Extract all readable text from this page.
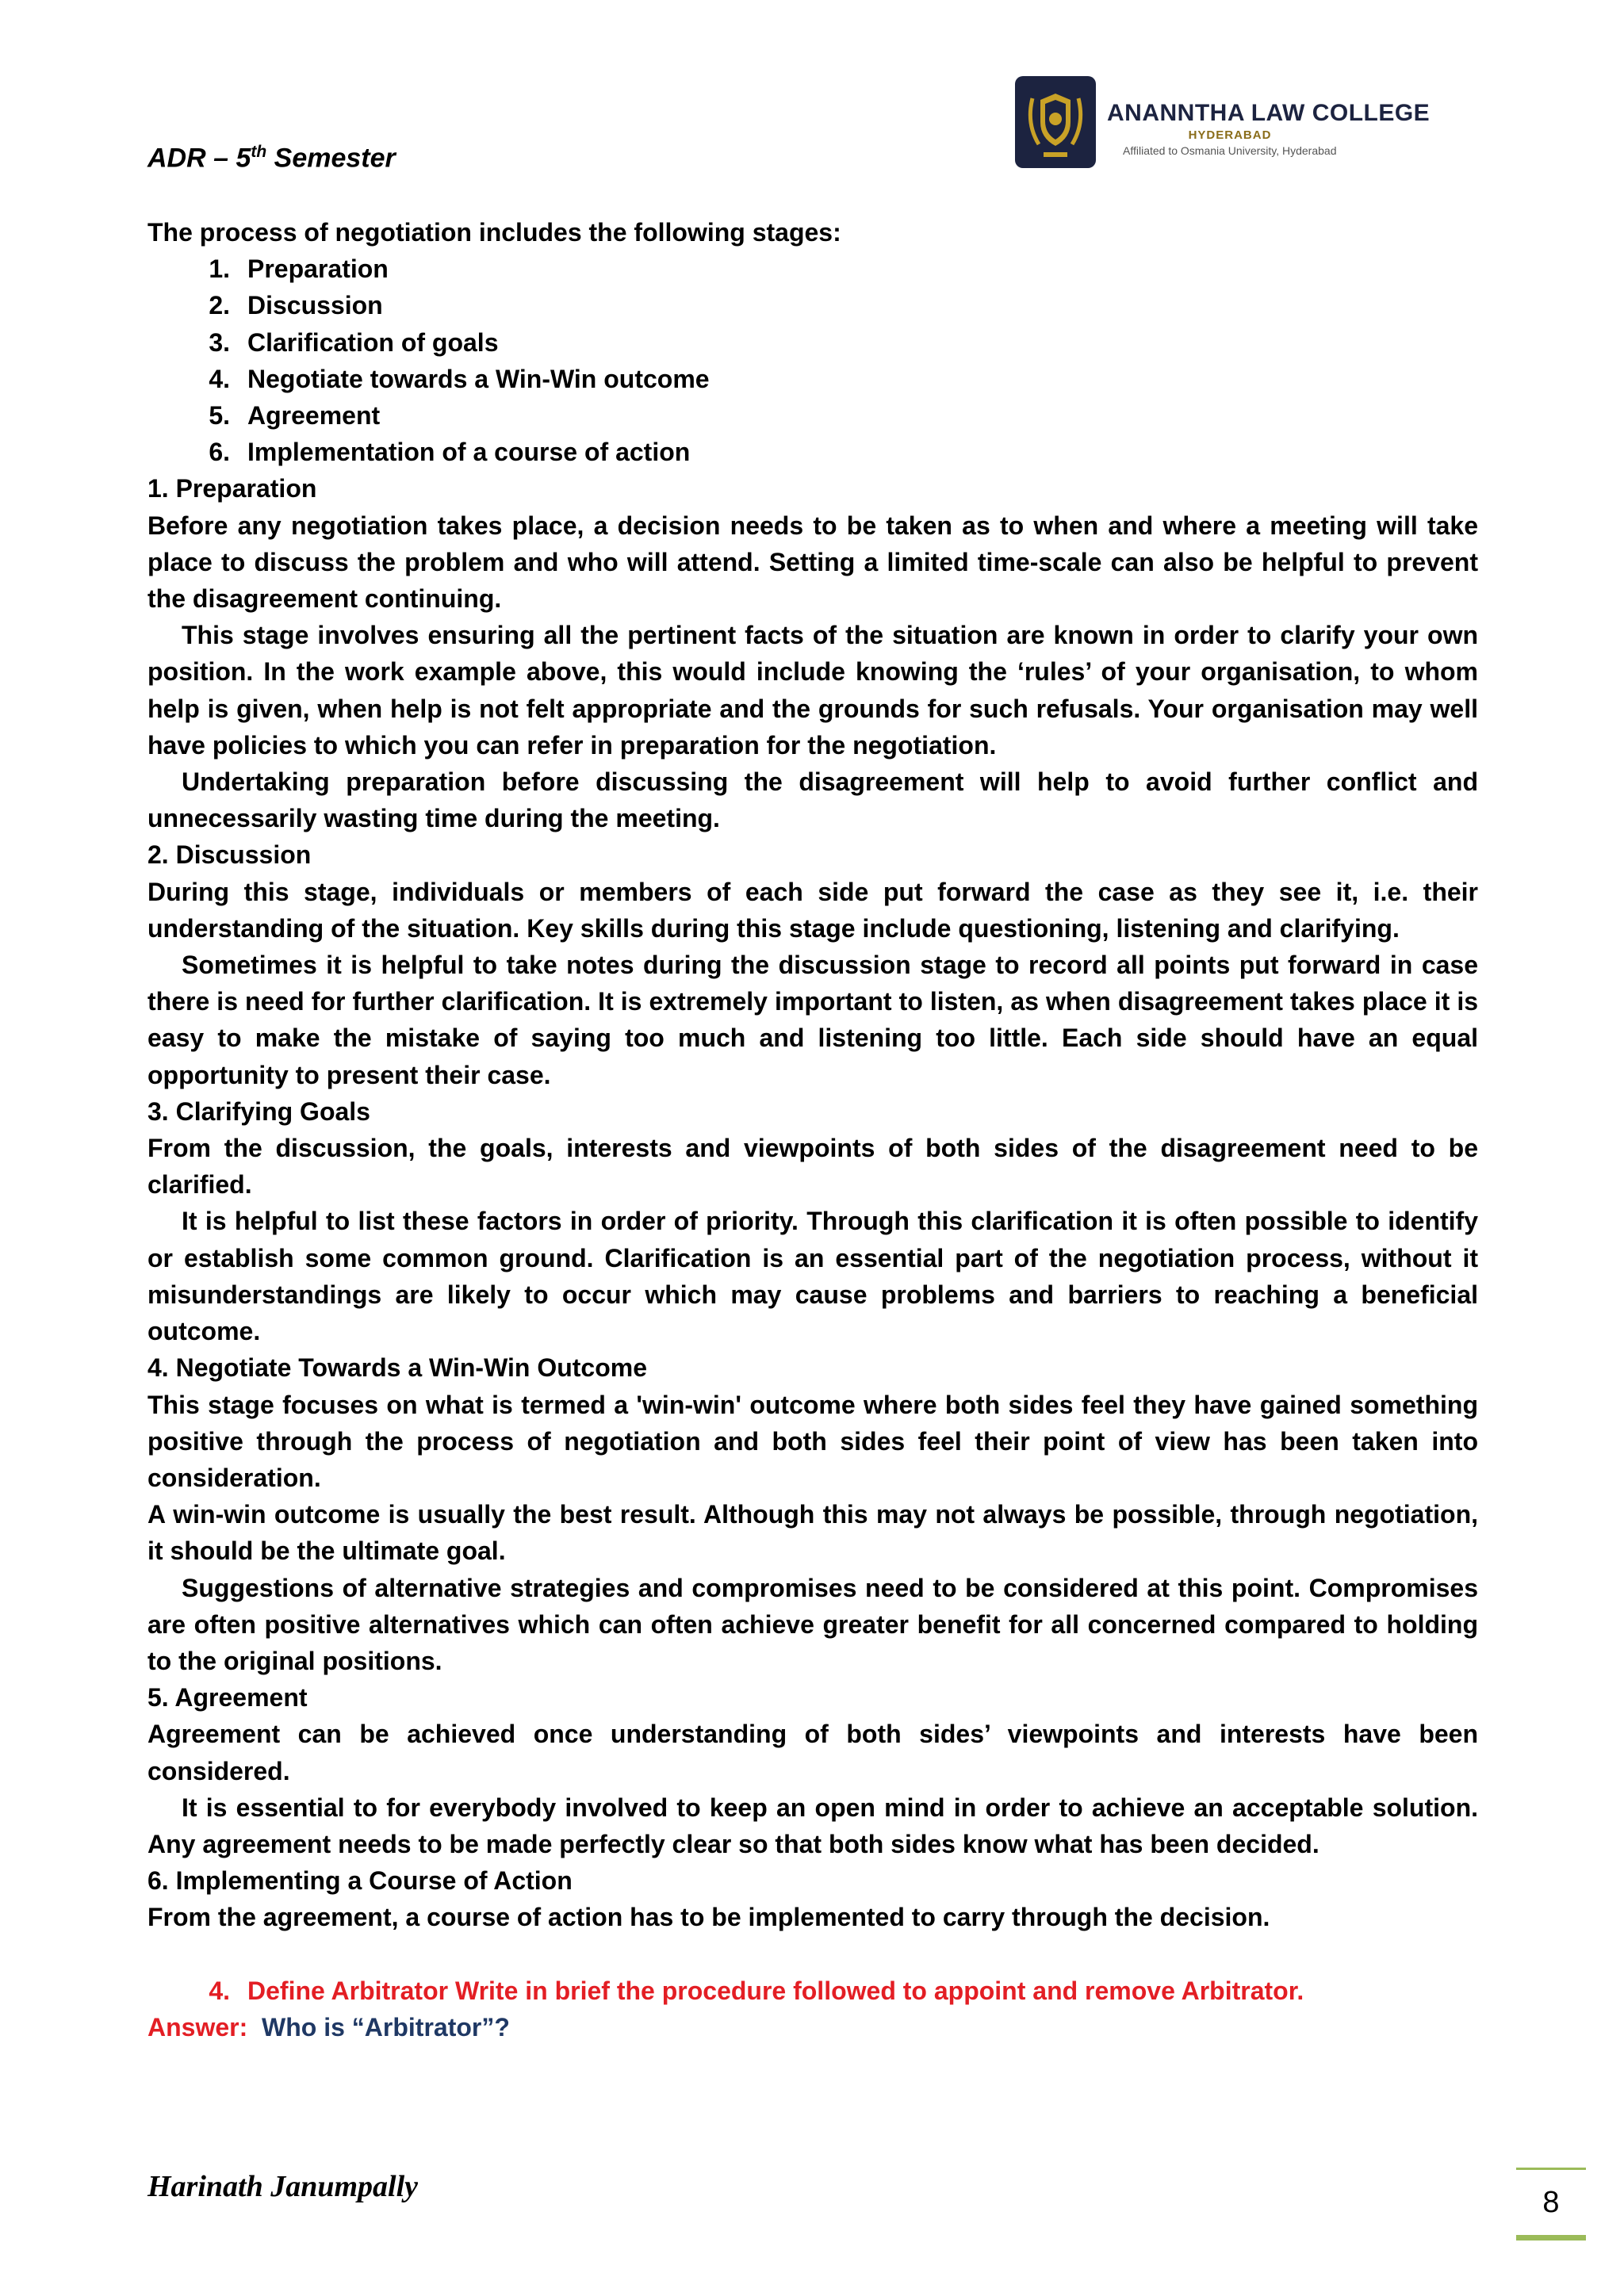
ADR – 5th Semester
ANANNTHA LAW COLLEGE
HYDERABAD
Affiliated to Osmania University, Hyderabad

The process of negotiation includes the following stages:

1. Preparation
2. Discussion
3. Clarification of goals
4. Negotiate towards a Win-Win outcome
5. Agreement
6. Implementation of a course of action

1. Preparation

Before any negotiation takes place, a decision needs to be taken as to when and where a meeting will take place to discuss the problem and who will attend. Setting a limited time-scale can also be helpful to prevent the disagreement continuing.

This stage involves ensuring all the pertinent facts of the situation are known in order to clarify your own position. In the work example above, this would include knowing the ‘rules’ of your organisation, to whom help is given, when help is not felt appropriate and the grounds for such refusals. Your organisation may well have policies to which you can refer in preparation for the negotiation.

Undertaking preparation before discussing the disagreement will help to avoid further conflict and unnecessarily wasting time during the meeting.

2. Discussion

During this stage, individuals or members of each side put forward the case as they see it, i.e. their understanding of the situation. Key skills during this stage include questioning, listening and clarifying.

Sometimes it is helpful to take notes during the discussion stage to record all points put forward in case there is need for further clarification. It is extremely important to listen, as when disagreement takes place it is easy to make the mistake of saying too much and listening too little. Each side should have an equal opportunity to present their case.

3. Clarifying Goals

From the discussion, the goals, interests and viewpoints of both sides of the disagreement need to be clarified.

It is helpful to list these factors in order of priority. Through this clarification it is often possible to identify or establish some common ground. Clarification is an essential part of the negotiation process, without it misunderstandings are likely to occur which may cause problems and barriers to reaching a beneficial outcome.

4. Negotiate Towards a Win-Win Outcome

This stage focuses on what is termed a 'win-win' outcome where both sides feel they have gained something positive through the process of negotiation and both sides feel their point of view has been taken into consideration.

A win-win outcome is usually the best result. Although this may not always be possible, through negotiation, it should be the ultimate goal.

Suggestions of alternative strategies and compromises need to be considered at this point. Compromises are often positive alternatives which can often achieve greater benefit for all concerned compared to holding to the original positions.

5. Agreement

Agreement can be achieved once understanding of both sides’ viewpoints and interests have been considered.

It is essential to for everybody involved to keep an open mind in order to achieve an acceptable solution. Any agreement needs to be made perfectly clear so that both sides know what has been decided.

6. Implementing a Course of Action

From the agreement, a course of action has to be implemented to carry through the decision.

4. Define Arbitrator Write in brief the procedure followed to appoint and remove Arbitrator.

Answer: Who is “Arbitrator”?

Harinath Janumpally	8
